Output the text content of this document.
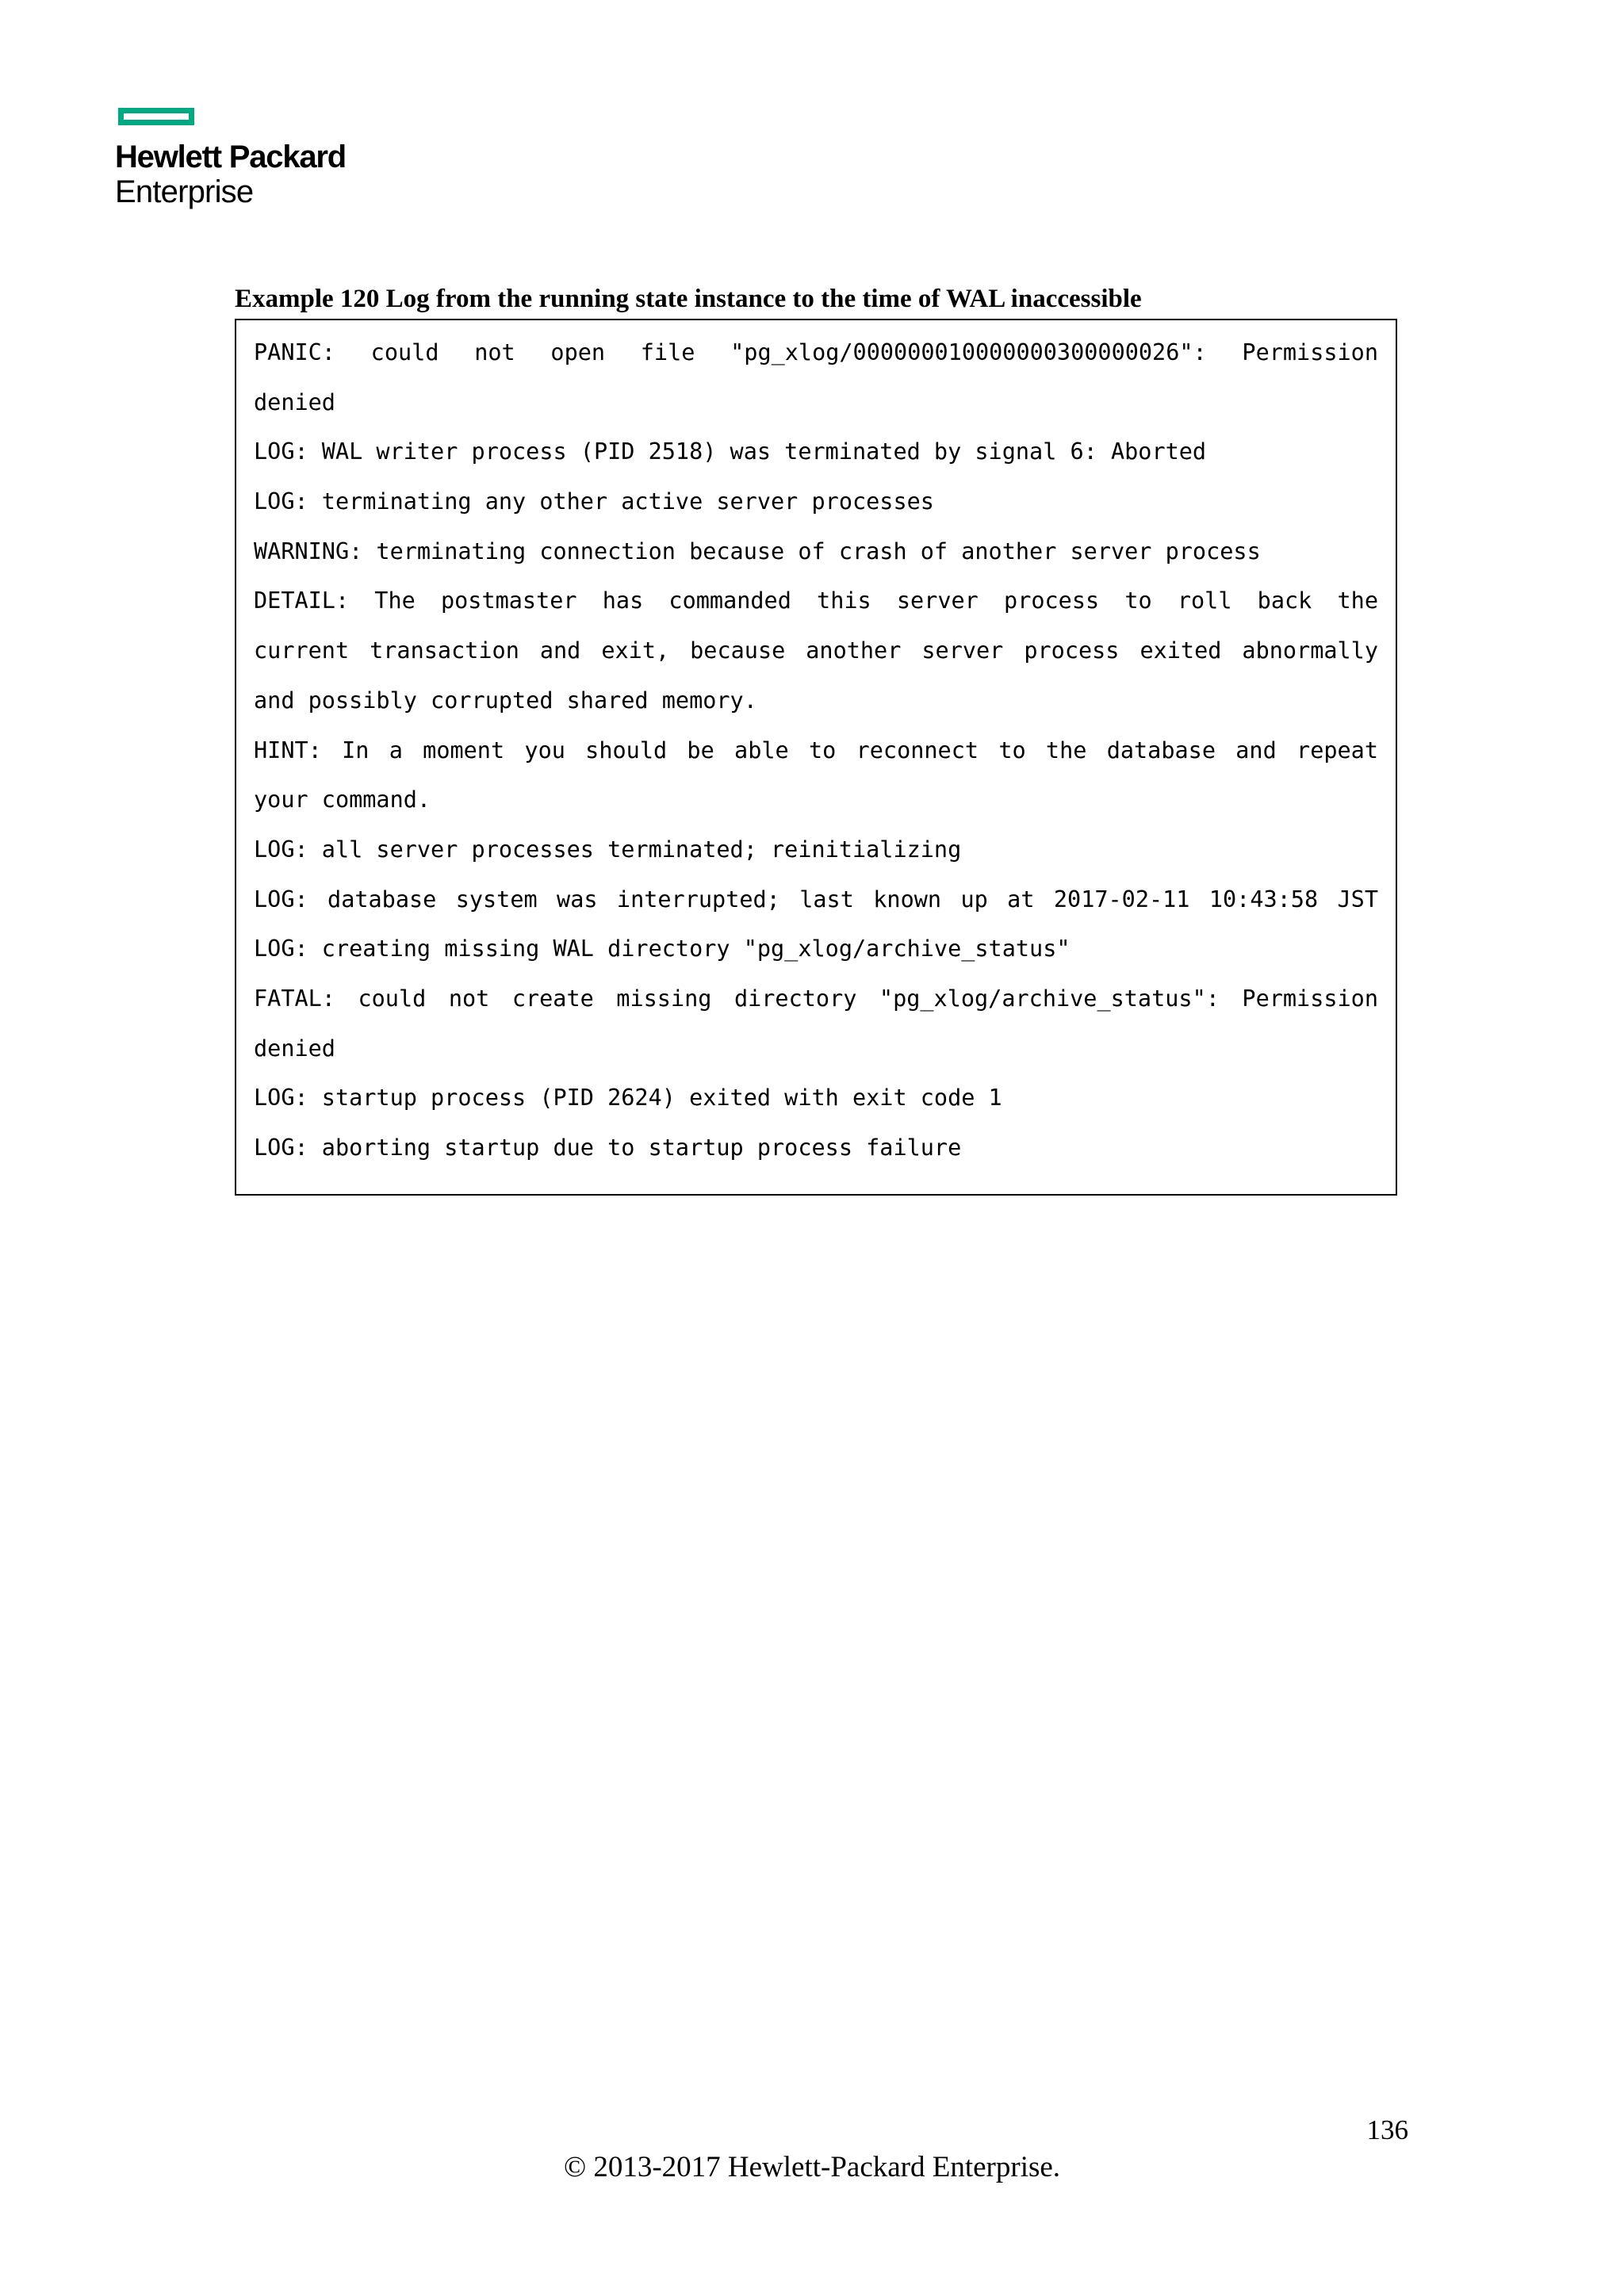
Hewlett Packard
Enterprise
Example 120 Log from the running state instance to the time of WAL inaccessible
PANIC: could not open file "pg_xlog/000000010000000300000026": Permission
denied
LOG: WAL writer process (PID 2518) was terminated by signal 6: Aborted
LOG: terminating any other active server processes
WARNING: terminating connection because of crash of another server process
DETAIL: The postmaster has commanded this server process to roll back the
current transaction and exit, because another server process exited abnormally
and possibly corrupted shared memory.
HINT: In a moment you should be able to reconnect to the database and repeat
your command.
LOG: all server processes terminated; reinitializing
LOG: database system was interrupted; last known up at 2017-02-11 10:43:58 JST
LOG: creating missing WAL directory "pg_xlog/archive_status"
FATAL: could not create missing directory "pg_xlog/archive_status": Permission
denied
LOG: startup process (PID 2624) exited with exit code 1
LOG: aborting startup due to startup process failure
136
© 2013-2017 Hewlett-Packard Enterprise.
